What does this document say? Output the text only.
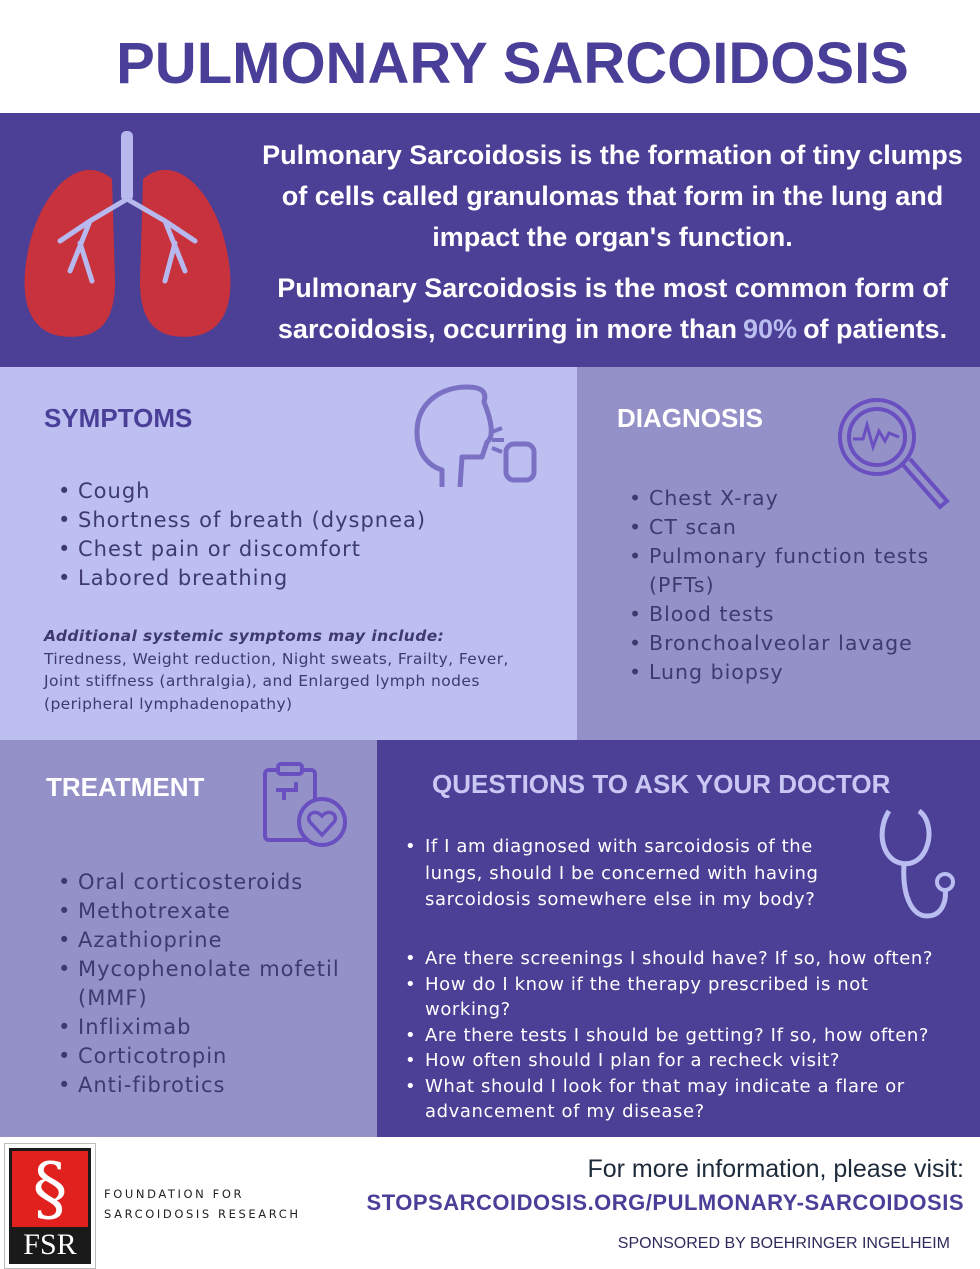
PULMONARY SARCOIDOSIS

Pulmonary Sarcoidosis is the formation of tiny clumps of cells called granulomas that form in the lung and impact the organ's function.

Pulmonary Sarcoidosis is the most common form of sarcoidosis, occurring in more than 90% of patients.

SYMPTOMS
• Cough
• Shortness of breath (dyspnea)
• Chest pain or discomfort
• Labored breathing
Additional systemic symptoms may include:
Tiredness, Weight reduction, Night sweats, Frailty, Fever, Joint stiffness (arthralgia), and Enlarged lymph nodes (peripheral lymphadenopathy)
DIAGNOSIS
• Chest X-ray
• CT scan
• Pulmonary function tests (PFTs)
• Blood tests
• Bronchoalveolar lavage
• Lung biopsy
TREATMENT
• Oral corticosteroids
• Methotrexate
• Azathioprine
• Mycophenolate mofetil (MMF)
• Infliximab
• Corticotropin
• Anti-fibrotics
QUESTIONS TO ASK YOUR DOCTOR
• If I am diagnosed with sarcoidosis of the lungs, should I be concerned with having sarcoidosis somewhere else in my body?
• Are there screenings I should have? If so, how often?
• How do I know if the therapy prescribed is not working?
• Are there tests I should be getting? If so, how often?
• How often should I plan for a recheck visit?
• What should I look for that may indicate a flare or advancement of my disease?
§
FSR
FOUNDATION FOR
SARCOIDOSIS RESEARCH
For more information, please visit:
STOPSARCOIDOSIS.ORG/PULMONARY-SARCOIDOSIS
SPONSORED BY BOEHRINGER INGELHEIM
